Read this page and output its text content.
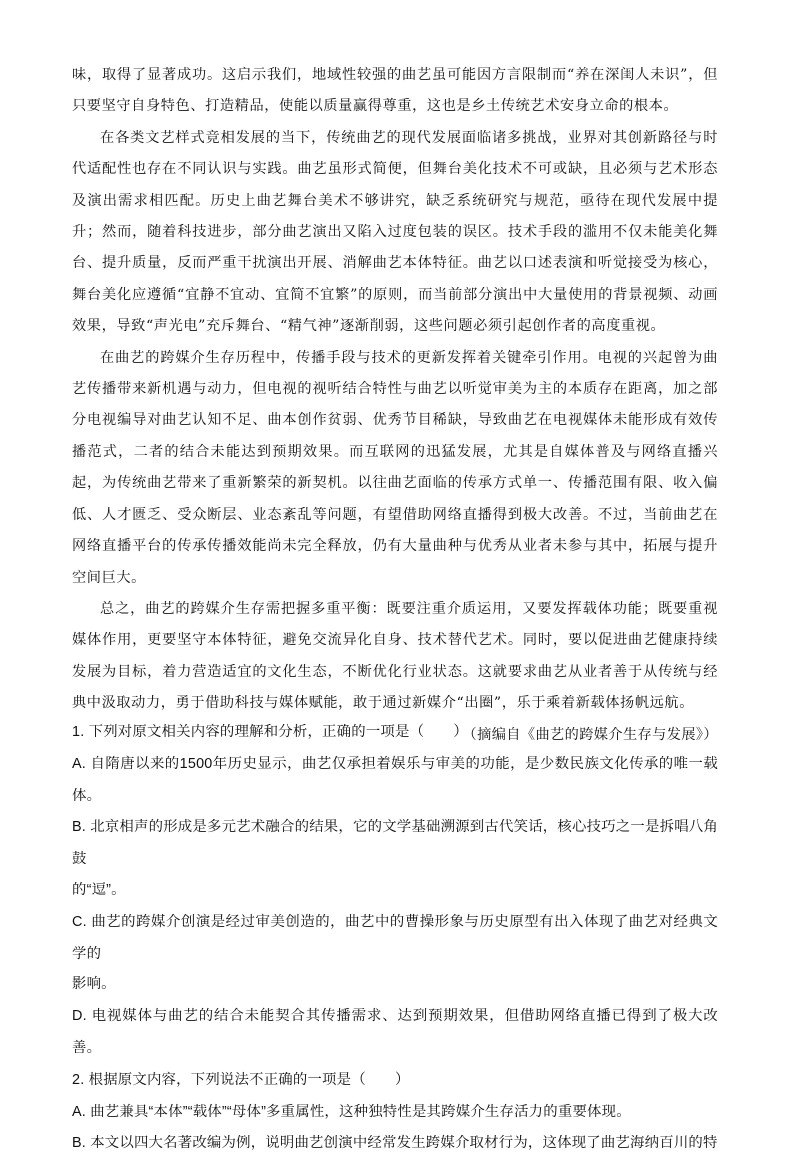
味，取得了显著成功。这启示我们，地域性较强的曲艺虽可能因方言限制而“养在深闺人未识”，但只要坚守自身特色、打造精品，使能以质量赢得尊重，这也是乡土传统艺术安身立命的根本。

在各类文艺样式竞相发展的当下，传统曲艺的现代发展面临诸多挑战，业界对其创新路径与时代适配性也存在不同认识与实践。曲艺虽形式简便，但舞台美化技术不可或缺，且必须与艺术形态及演出需求相匹配。历史上曲艺舞台美术不够讲究，缺乏系统研究与规范，亟待在现代发展中提升；然而，随着科技进步，部分曲艺演出又陷入过度包装的误区。技术手段的滥用不仅未能美化舞台、提升质量，反而严重干扰演出开展、消解曲艺本体特征。曲艺以口述表演和听觉接受为核心，舞台美化应遵循“宜静不宜动、宜简不宜繁”的原则，而当前部分演出中大量使用的背景视频、动画效果，导致“声光电”充斥舞台、“精气神”逐渐削弱，这些问题必须引起创作者的高度重视。

在曲艺的跨媒介生存历程中，传播手段与技术的更新发挥着关键牵引作用。电视的兴起曾为曲艺传播带来新机遇与动力，但电视的视听结合特性与曲艺以听觉审美为主的本质存在距离，加之部分电视编导对曲艺认知不足、曲本创作贫弱、优秀节目稀缺，导致曲艺在电视媒体未能形成有效传播范式，二者的结合未能达到预期效果。而互联网的迅猛发展，尤其是自媒体普及与网络直播兴起，为传统曲艺带来了重新繁荣的新契机。以往曲艺面临的传承方式单一、传播范围有限、收入偏低、人才匮乏、受众断层、业态紊乱等问题，有望借助网络直播得到极大改善。不过，当前曲艺在网络直播平台的传承传播效能尚未完全释放，仍有大量曲种与优秀从业者未参与其中，拓展与提升空间巨大。

总之，曲艺的跨媒介生存需把握多重平衡：既要注重介质运用，又要发挥载体功能；既要重视媒体作用，更要坚守本体特征，避免交流异化自身、技术替代艺术。同时，要以促进曲艺健康持续发展为目标，着力营造适宜的文化生态，不断优化行业状态。这就要求曲艺从业者善于从传统与经典中汲取动力，勇于借助科技与媒体赋能，敢于通过新媒介“出圈”，乐于乘着新载体扬帆远航。

（摘编自《曲艺的跨媒介生存与发展》）

1. 下列对原文相关内容的理解和分析，正确的一项是（　　）

A. 自隋唐以来的1500年历史显示，曲艺仅承担着娱乐与审美的功能，是少数民族文化传承的唯一载体。

B. 北京相声的形成是多元艺术融合的结果，它的文学基础溯源到古代笑话，核心技巧之一是拆唱八角鼓

的“逗”。

C. 曲艺的跨媒介创演是经过审美创造的，曲艺中的曹操形象与历史原型有出入体现了曲艺对经典文学的

影响。

D. 电视媒体与曲艺的结合未能契合其传播需求、达到预期效果，但借助网络直播已得到了极大改善。

2. 根据原文内容，下列说法不正确的一项是（　　）

A. 曲艺兼具“本体”“载体”“母体”多重属性，这种独特性是其跨媒介生存活力的重要体现。

B. 本文以四大名著改编为例，说明曲艺创演中经常发生跨媒介取材行为，这体现了曲艺海纳百川的特
